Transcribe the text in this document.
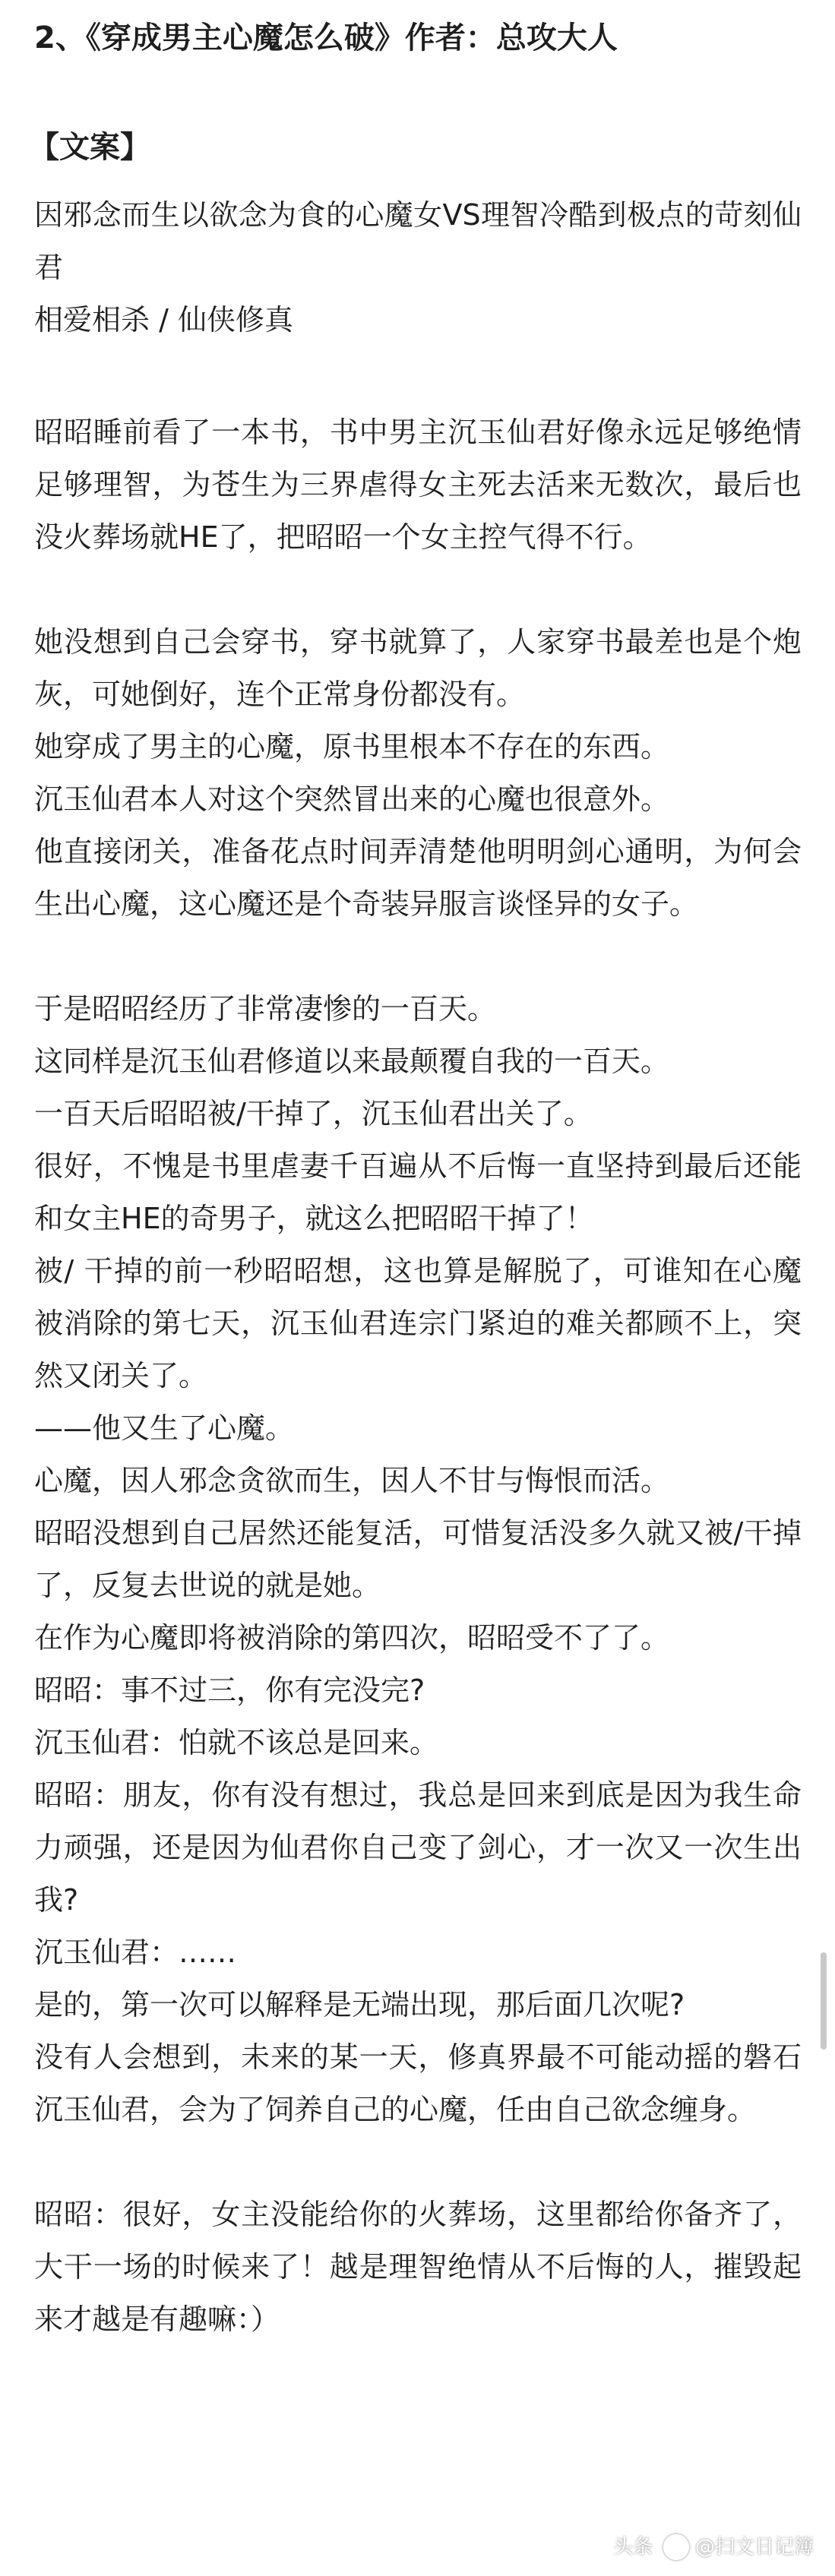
2、《穿成男主心魔怎么破》作者：总攻大人
【文案】
因邪念而生以欲念为食的心魔女VS理智冷酷到极点的苛刻仙君
相爱相杀 / 仙侠修真
昭昭睡前看了一本书，书中男主沉玉仙君好像永远足够绝情足够理智，为苍生为三界虐得女主死去活来无数次，最后也没火葬场就HE了，把昭昭一个女主控气得不行。
她没想到自己会穿书，穿书就算了，人家穿书最差也是个炮灰，可她倒好，连个正常身份都没有。
她穿成了男主的心魔，原书里根本不存在的东西。
沉玉仙君本人对这个突然冒出来的心魔也很意外。
他直接闭关，准备花点时间弄清楚他明明剑心通明，为何会生出心魔，这心魔还是个奇装异服言谈怪异的女子。
于是昭昭经历了非常凄惨的一百天。
这同样是沉玉仙君修道以来最颠覆自我的一百天。
一百天后昭昭被/干掉了，沉玉仙君出关了。
很好，不愧是书里虐妻千百遍从不后悔一直坚持到最后还能和女主HE的奇男子，就这么把昭昭干掉了！
被/ 干掉的前一秒昭昭想，这也算是解脱了，可谁知在心魔被消除的第七天，沉玉仙君连宗门紧迫的难关都顾不上，突然又闭关了。
——他又生了心魔。
心魔，因人邪念贪欲而生，因人不甘与悔恨而活。
昭昭没想到自己居然还能复活，可惜复活没多久就又被/干掉了，反复去世说的就是她。
在作为心魔即将被消除的第四次，昭昭受不了了。
昭昭：事不过三，你有完没完?
沉玉仙君：怕就不该总是回来。
昭昭：朋友，你有没有想过，我总是回来到底是因为我生命力顽强，还是因为仙君你自己变了剑心，才一次又一次生出我?
沉玉仙君：……
是的，第一次可以解释是无端出现，那后面几次呢?
没有人会想到，未来的某一天，修真界最不可能动摇的磐石沉玉仙君，会为了饲养自己的心魔，任由自己欲念缠身。
昭昭：很好，女主没能给你的火葬场，这里都给你备齐了，大干一场的时候来了！越是理智绝情从不后悔的人，摧毁起来才越是有趣嘛：）
头条 @扫文日记簿
